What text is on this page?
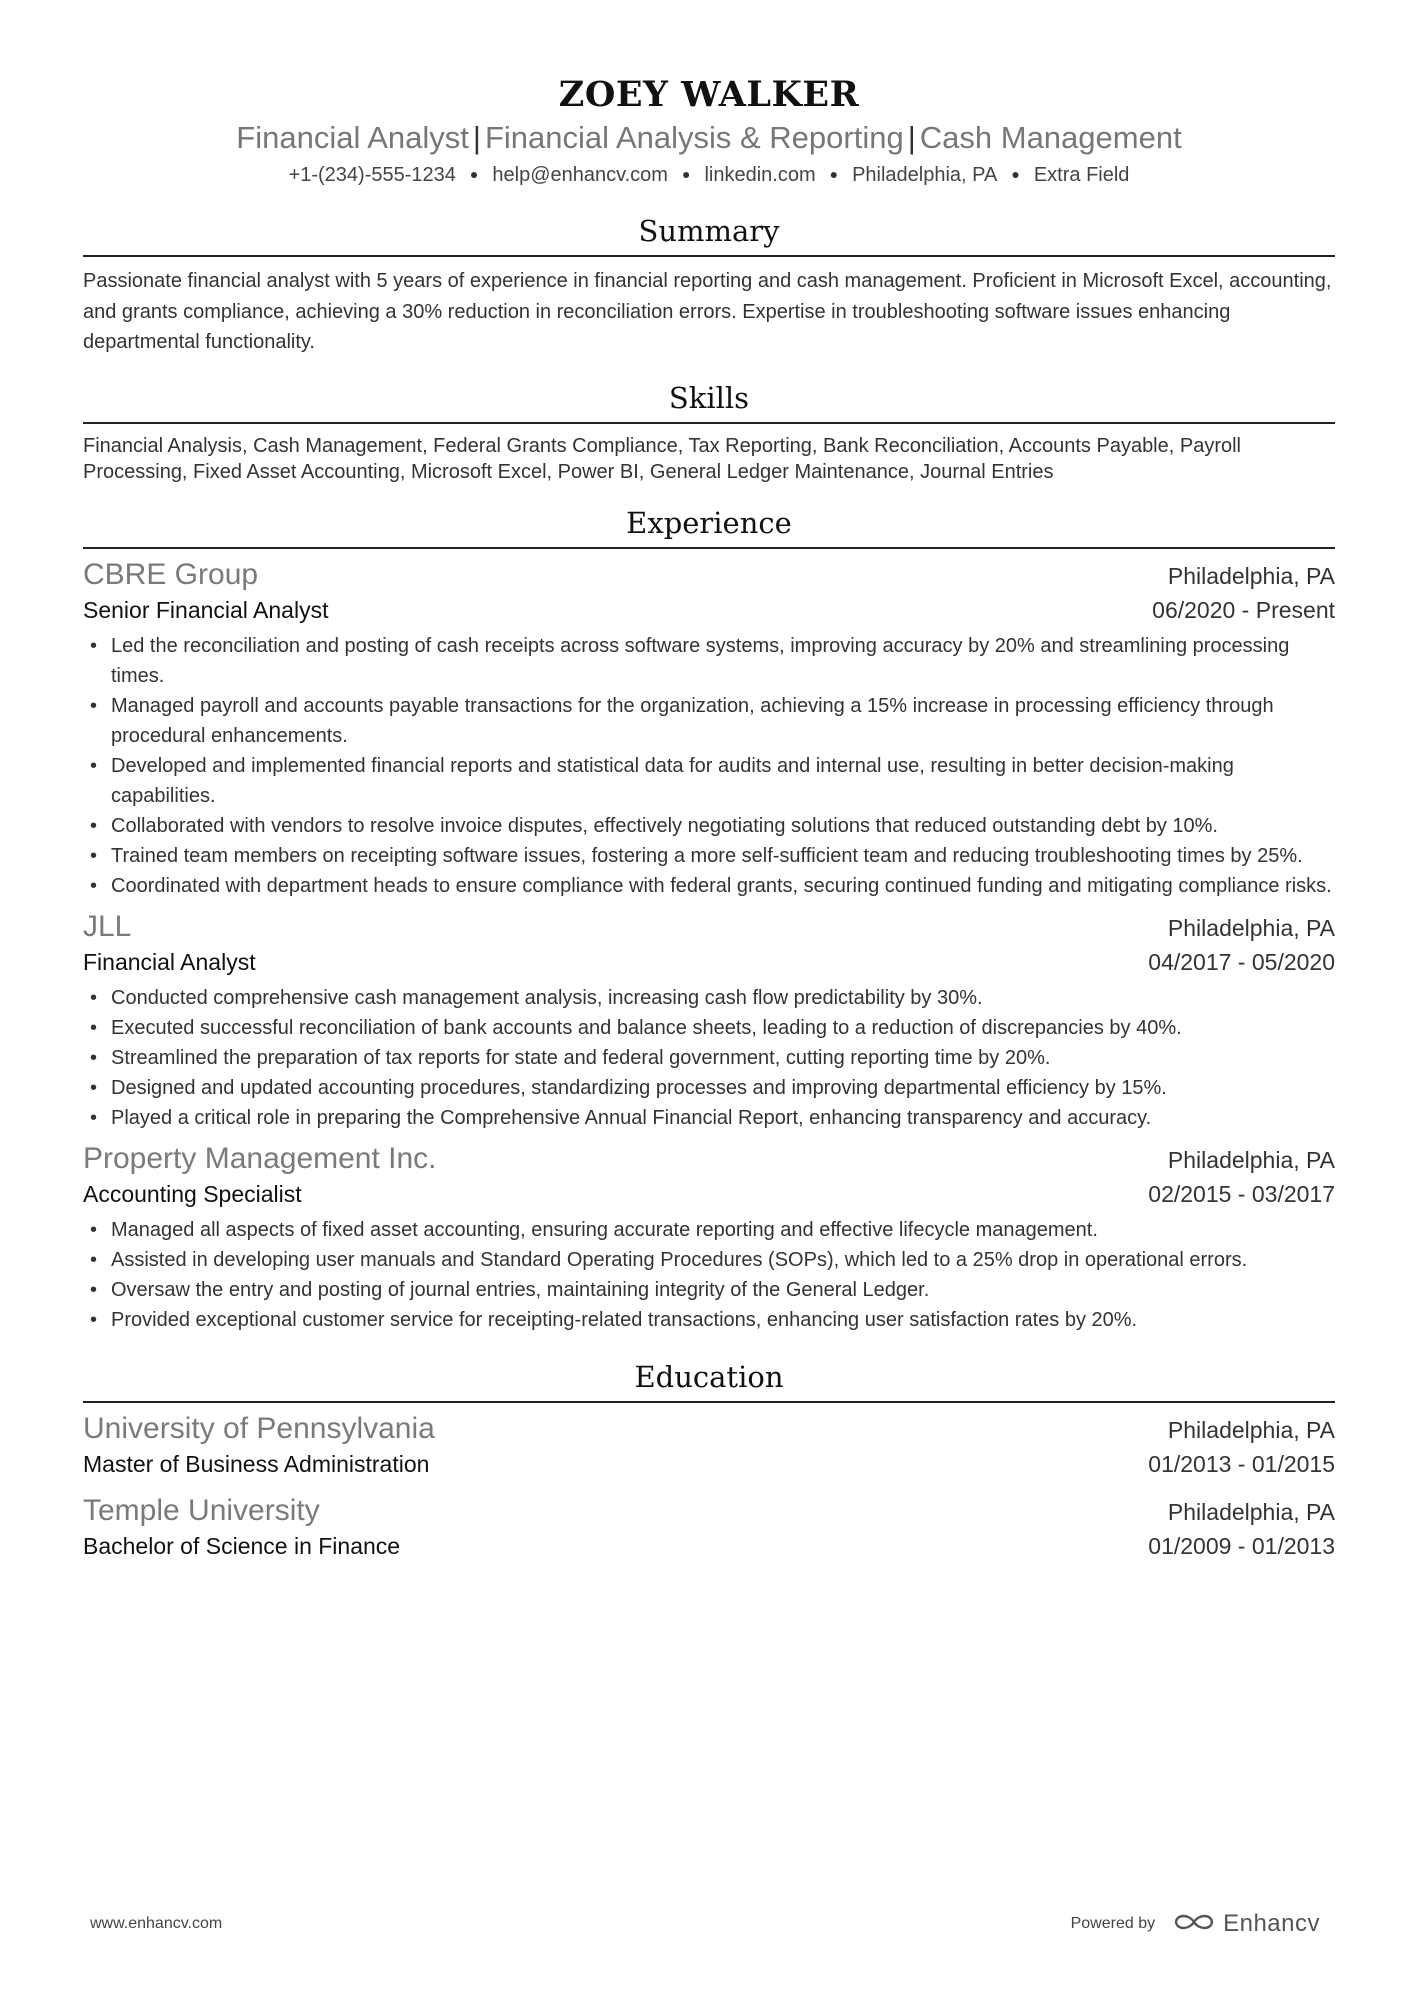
ZOEY WALKER
Financial Analyst | Financial Analysis & Reporting | Cash Management
+1-(234)-555-1234 ● help@enhancv.com ● linkedin.com ● Philadelphia, PA ● Extra Field
Summary
Passionate financial analyst with 5 years of experience in financial reporting and cash management. Proficient in Microsoft Excel, accounting, and grants compliance, achieving a 30% reduction in reconciliation errors. Expertise in troubleshooting software issues enhancing departmental functionality.
Skills
Financial Analysis, Cash Management, Federal Grants Compliance, Tax Reporting, Bank Reconciliation, Accounts Payable, Payroll Processing, Fixed Asset Accounting, Microsoft Excel, Power BI, General Ledger Maintenance, Journal Entries
Experience
CBRE Group	Philadelphia, PA
Senior Financial Analyst	06/2020 - Present
• Led the reconciliation and posting of cash receipts across software systems, improving accuracy by 20% and streamlining processing times.
• Managed payroll and accounts payable transactions for the organization, achieving a 15% increase in processing efficiency through procedural enhancements.
• Developed and implemented financial reports and statistical data for audits and internal use, resulting in better decision-making capabilities.
• Collaborated with vendors to resolve invoice disputes, effectively negotiating solutions that reduced outstanding debt by 10%.
• Trained team members on receipting software issues, fostering a more self-sufficient team and reducing troubleshooting times by 25%.
• Coordinated with department heads to ensure compliance with federal grants, securing continued funding and mitigating compliance risks.
JLL	Philadelphia, PA
Financial Analyst	04/2017 - 05/2020
• Conducted comprehensive cash management analysis, increasing cash flow predictability by 30%.
• Executed successful reconciliation of bank accounts and balance sheets, leading to a reduction of discrepancies by 40%.
• Streamlined the preparation of tax reports for state and federal government, cutting reporting time by 20%.
• Designed and updated accounting procedures, standardizing processes and improving departmental efficiency by 15%.
• Played a critical role in preparing the Comprehensive Annual Financial Report, enhancing transparency and accuracy.
Property Management Inc.	Philadelphia, PA
Accounting Specialist	02/2015 - 03/2017
• Managed all aspects of fixed asset accounting, ensuring accurate reporting and effective lifecycle management.
• Assisted in developing user manuals and Standard Operating Procedures (SOPs), which led to a 25% drop in operational errors.
• Oversaw the entry and posting of journal entries, maintaining integrity of the General Ledger.
• Provided exceptional customer service for receipting-related transactions, enhancing user satisfaction rates by 20%.
Education
University of Pennsylvania	Philadelphia, PA
Master of Business Administration	01/2013 - 01/2015
Temple University	Philadelphia, PA
Bachelor of Science in Finance	01/2009 - 01/2013
www.enhancv.com	Powered by	Enhancv
